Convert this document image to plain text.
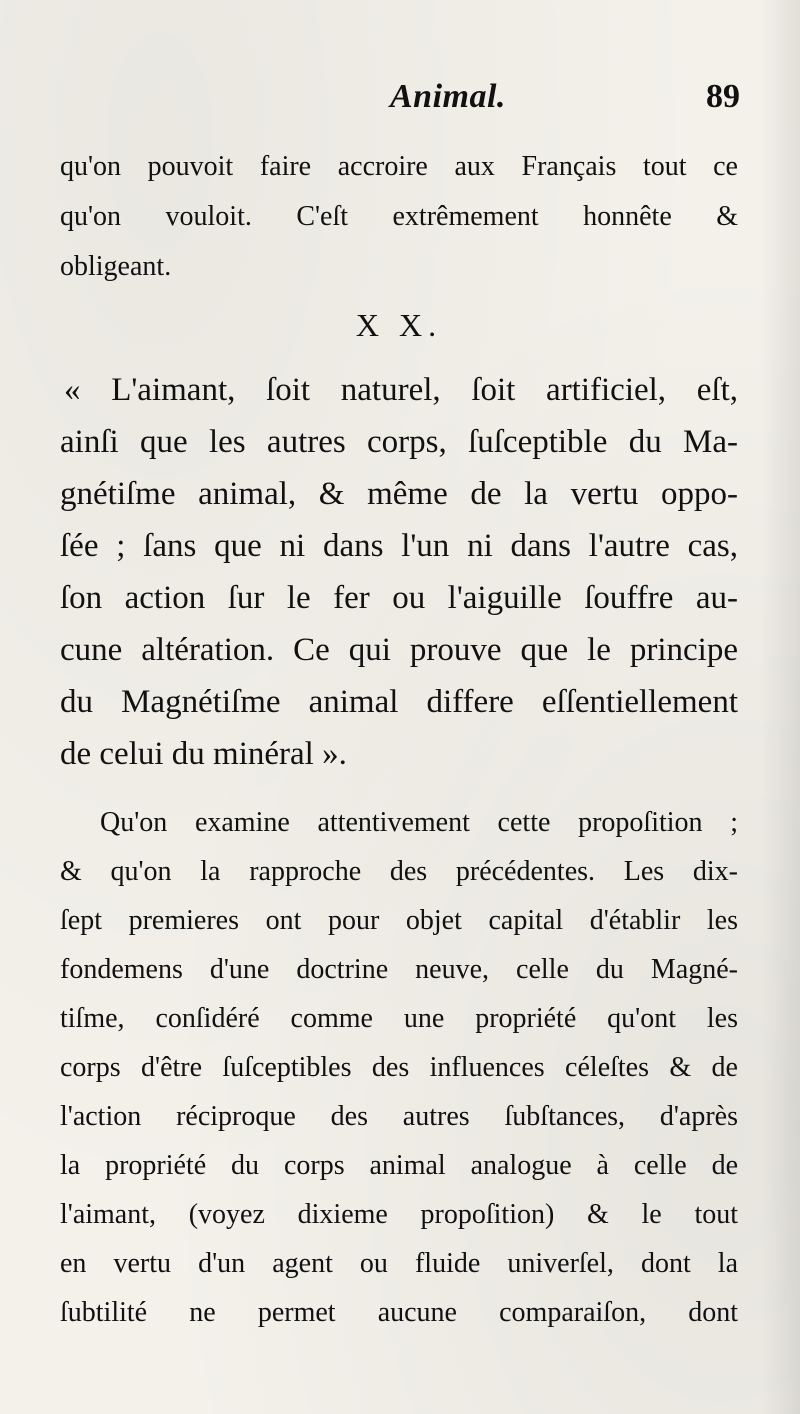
Animal.	89
qu'on pouvoit faire accroire aux Français tout ce
qu'on vouloit. C'eſt extrêmement honnête &
obligeant.
X X.
« L'aimant, ſoit naturel, ſoit artificiel, eſt,
ainſi que les autres corps, ſuſceptible du Ma-
gnétiſme animal, & même de la vertu oppo-
ſée ; ſans que ni dans l'un ni dans l'autre cas,
ſon action ſur le fer ou l'aiguille ſouffre au-
cune altération. Ce qui prouve que le principe
du Magnétiſme animal differe eſſentiellement
de celui du minéral ».
Qu'on examine attentivement cette propoſition ;
& qu'on la rapproche des précédentes. Les dix-
ſept premieres ont pour objet capital d'établir les
fondemens d'une doctrine neuve, celle du Magné-
tiſme, conſidéré comme une propriété qu'ont les
corps d'être ſuſceptibles des influences céleſtes & de
l'action réciproque des autres ſubſtances, d'après
la propriété du corps animal analogue à celle de
l'aimant, (voyez dixieme propoſition) & le tout
en vertu d'un agent ou fluide univerſel, dont la
ſubtilité ne permet aucune comparaiſon, dont
